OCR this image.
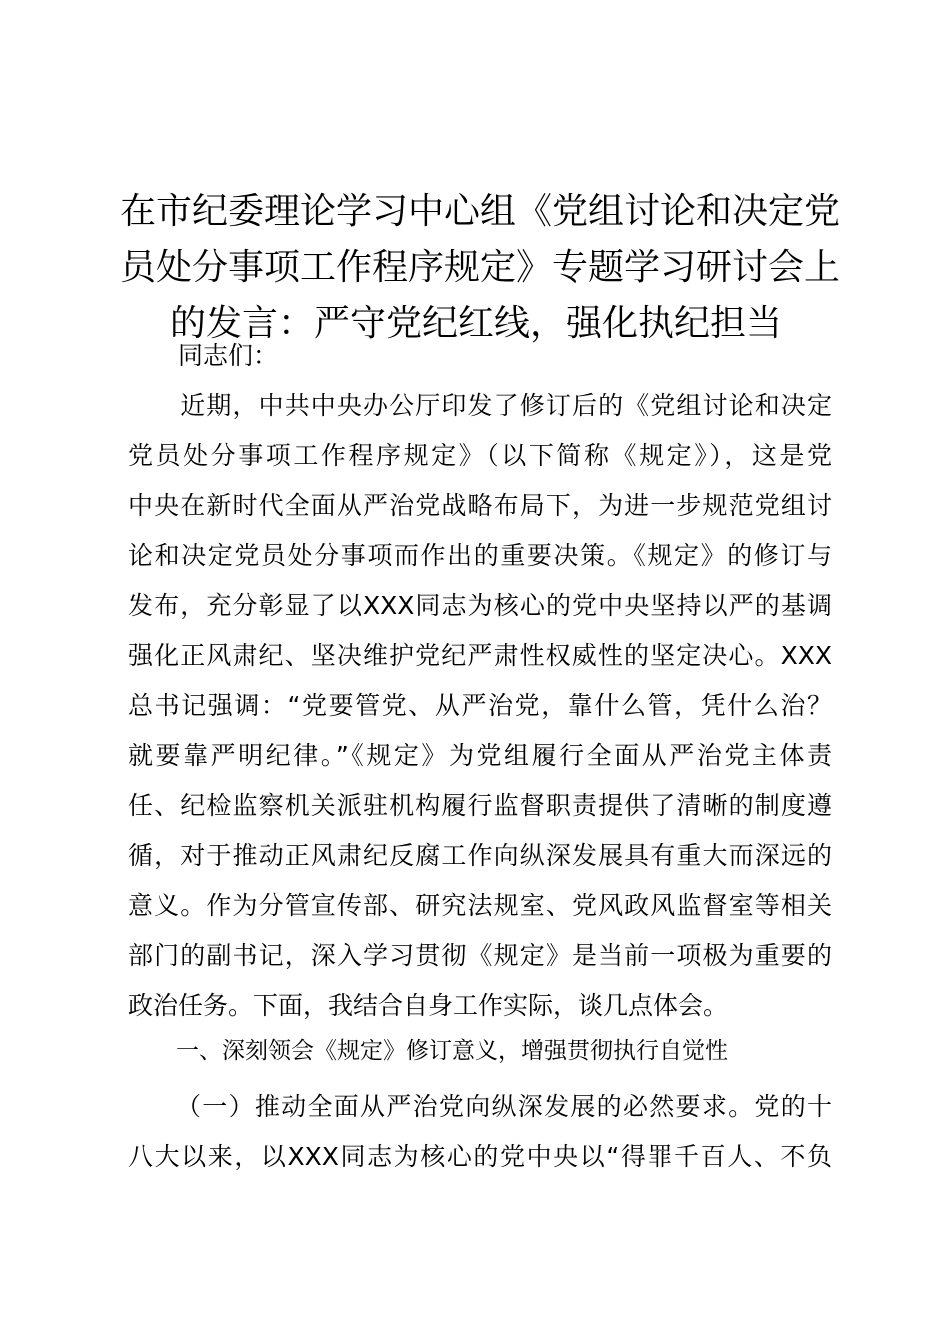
在市纪委理论学习中心组《党组讨论和决定党
员处分事项工作程序规定》专题学习研讨会上
的发言：严守党纪红线，强化执纪担当

同志们：

　　近期，中共中央办公厅印发了修订后的《党组讨论和决定
党员处分事项工作程序规定》（以下简称《规定》），这是党
中央在新时代全面从严治党战略布局下，为进一步规范党组讨
论和决定党员处分事项而作出的重要决策。《规定》的修订与
发布，充分彰显了以XXX同志为核心的党中央坚持以严的基调
强化正风肃纪、坚决维护党纪严肃性权威性的坚定决心。XXX
总书记强调：“党要管党、从严治党，靠什么管，凭什么治？
就要靠严明纪律。”《规定》为党组履行全面从严治党主体责
任、纪检监察机关派驻机构履行监督职责提供了清晰的制度遵
循，对于推动正风肃纪反腐工作向纵深发展具有重大而深远的
意义。作为分管宣传部、研究法规室、党风政风监督室等相关
部门的副书记，深入学习贯彻《规定》是当前一项极为重要的
政治任务。下面，我结合自身工作实际，谈几点体会。

一、深刻领会《规定》修订意义，增强贯彻执行自觉性

（一）推动全面从严治党向纵深发展的必然要求。党的十
八大以来，以XXX同志为核心的党中央以“得罪千百人、不负
